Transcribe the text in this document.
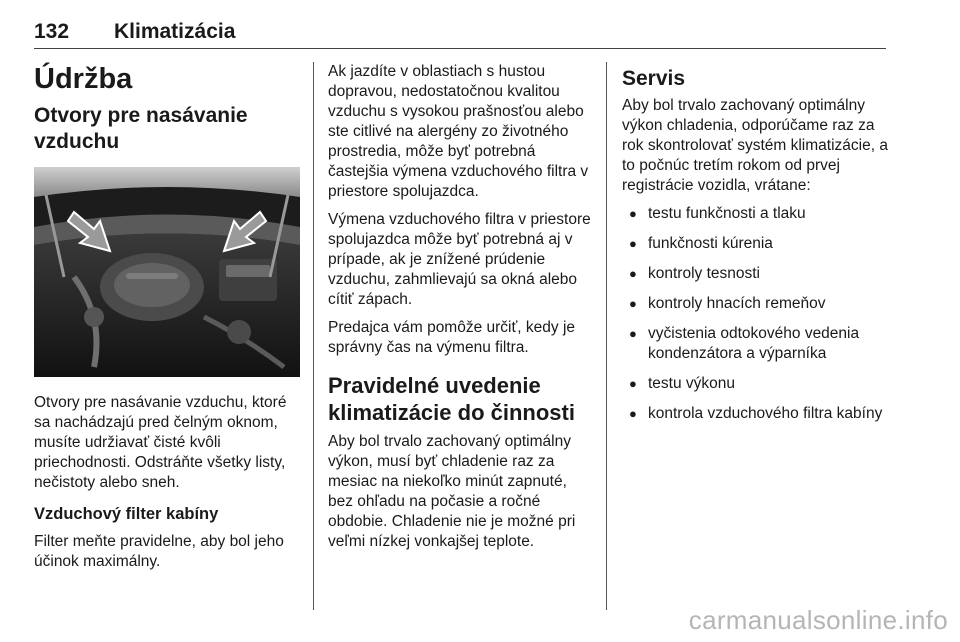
132 Klimatizácia
Údržba
Otvory pre nasávanie vzduchu

Otvory pre nasávanie vzduchu, ktoré sa nachádzajú pred čelným oknom, musíte udržiavať čisté kvôli priechodnosti. Odstráňte všetky listy, nečistoty alebo sneh.

Vzduchový filter kabíny

Filter meňte pravidelne, aby bol jeho účinok maximálny.

Ak jazdíte v oblastiach s hustou dopravou, nedostatočnou kvalitou vzduchu s vysokou prašnosťou alebo ste citlivé na alergény zo životného prostredia, môže byť potrebná častejšia výmena vzduchového filtra v priestore spolujazdca.

Výmena vzduchového filtra v priestore spolujazdca môže byť potrebná aj v prípade, ak je znížené prúdenie vzduchu, zahmlievajú sa okná alebo cítiť zápach.

Predajca vám pomôže určiť, kedy je správny čas na výmenu filtra.

Pravidelné uvedenie klimatizácie do činnosti

Aby bol trvalo zachovaný optimálny výkon, musí byť chladenie raz za mesiac na niekoľko minút zapnuté, bez ohľadu na počasie a ročné obdobie. Chladenie nie je možné pri veľmi nízkej vonkajšej teplote.

Servis

Aby bol trvalo zachovaný optimálny výkon chladenia, odporúčame raz za rok skontrolovať systém klimatizácie, a to počnúc tretím rokom od prvej registrácie vozidla, vrátane:

● testu funkčnosti a tlaku
● funkčnosti kúrenia
● kontroly tesnosti
● kontroly hnacích remeňov
● vyčistenia odtokového vedenia kondenzátora a výparníka
● testu výkonu
● kontrola vzduchového filtra kabíny
carmanualsonline.info
